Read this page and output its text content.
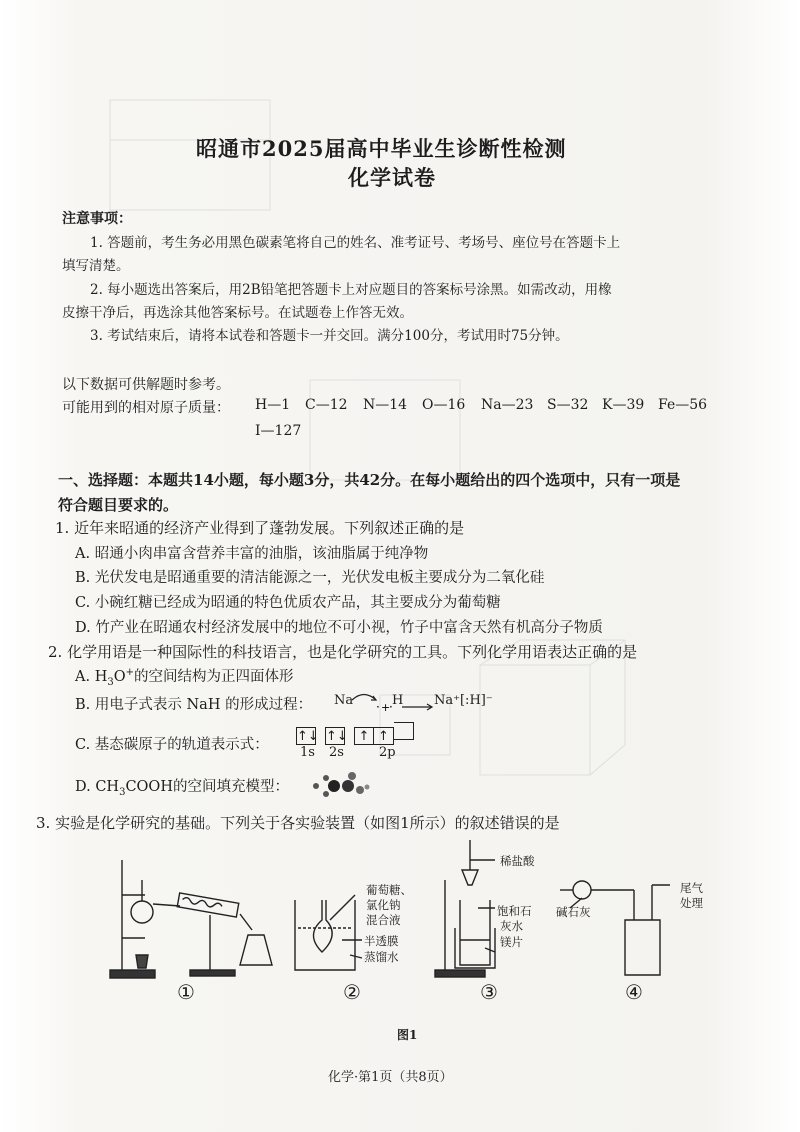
昭通市2025届高中毕业生诊断性检测
化学试卷
注意事项：
1. 答题前，考生务必用黑色碳素笔将自己的姓名、准考证号、考场号、座位号在答题卡上
填写清楚。
2. 每小题选出答案后，用2B铅笔把答题卡上对应题目的答案标号涂黑。如需改动，用橡
皮擦干净后，再选涂其他答案标号。在试题卷上作答无效。
3. 考试结束后，请将本试卷和答题卡一并交回。满分100分，考试用时75分钟。
以下数据可供解题时参考。
可能用到的相对原子质量： H—1 C—12 N—14 O—16 Na—23 S—32 K—39 Fe—56
I—127
一、选择题：本题共14小题，每小题3分，共42分。在每小题给出的四个选项中，只有一项是
符合题目要求的。
1. 近年来昭通的经济产业得到了蓬勃发展。下列叙述正确的是
A. 昭通小肉串富含营养丰富的油脂，该油脂属于纯净物
B. 光伏发电是昭通重要的清洁能源之一，光伏发电板主要成分为二氧化硅
C. 小碗红糖已经成为昭通的特色优质农产品，其主要成分为葡萄糖
D. 竹产业在昭通农村经济发展中的地位不可小视，竹子中富含天然有机高分子物质
2. 化学用语是一种国际性的科技语言，也是化学研究的工具。下列化学用语表达正确的是
A. $H_3O^+$的空间结构为正四面体形
B. 用电子式表示 NaH 的形成过程：	· +
·
Na	H Na⁺[:H]⁻
C. 基态碳原子的轨道表示式：
↑↓ ↑↓ ↑ ↑
1s 2s	2p
D. $CH_3COOH$的空间填充模型：
3. 实验是化学研究的基础。下列关于各实验装置（如图1所示）的叙述错误的是
稀盐酸
葡萄糖、
氯化钠
混合液
半透膜
蒸馏水
饱和石
灰水
镁片
碱石灰
尾气
处理
①	②	③	④
图1
化学·第1页（共8页）
